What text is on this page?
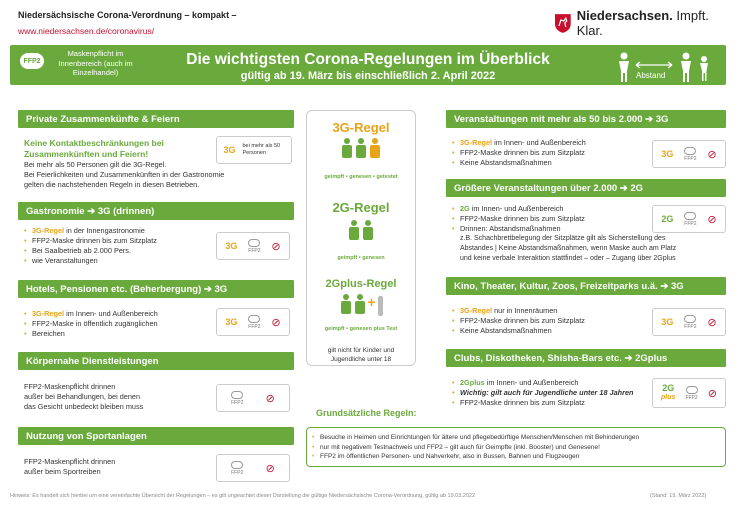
Niedersächsische Corona-Verordnung – kompakt –
www.niedersachsen.de/coronavirus/
Niedersachsen. Impft. Klar.
FFP2
Maskenpflicht im Innenbereich (auch im Einzelhandel)
Die wichtigsten Corona-Regelungen im Überblick
gültig ab 19. März bis einschließlich 2. April 2022	Abstand
Private Zusammenkünfte & Feiern
Keine Kontaktbeschränkungen bei Zusammenkünften und Feiern!	3G bei mehr als 50 Personen
Bei mehr als 50 Personen gilt die 3G-Regel.
Bei Feierlichkeiten und Zusammenkünften in der Gastronomie
gelten die nachstehenden Regeln in diesen Betrieben.
Gastronomie ➔ 3G (drinnen)
• 3G-Regel in der Innengastronomie
• FFP2-Maske drinnen bis zum Sitzplatz
• Bei Saalbetrieb ab 2.000 Pers.
• wie Veranstaltungen
3G FFP2 ⊘
Hotels, Pensionen etc. (Beherbergung) ➔ 3G
• 3G-Regel im Innen- und Außenbereich
• FFP2-Maske in öffentlich zugänglichen
• Bereichen
3G FFP2 ⊘
Körpernahe Dienstleistungen
FFP2-Maskenpflicht drinnen
außer bei Behandlungen, bei denen
das Gesicht unbedeckt bleiben muss	FFP2 ⊘
Nutzung von Sportanlagen
FFP2-Maskenpflicht drinnen
außer beim Sportreiben	FFP2 ⊘
3G-Regel
geimpft • genesen • getestet
2G-Regel
geimpft • genesen
2Gplus-Regel
+
geimpft • genesen plus Test
gilt nicht für Kinder und
Jugendliche unter 18
Veranstaltungen mit mehr als 50 bis 2.000 ➔ 3G
• 3G-Regel im Innen- und Außenbereich
• FFP2-Maske drinnen bis zum Sitzplatz
• Keine Abstandsmaßnahmen
3G FFP2 ⊘
Größere Veranstaltungen über 2.000 ➔ 2G
• 2G im Innen- und Außenbereich
• FFP2-Maske drinnen bis zum Sitzplatz
• Drinnen: Abstandsmaßnahmen
z.B. Schachbrettbelegung der Sitzplätze gilt als Sicherstellung des
Abstandes | Keine Abstandsmaßnahmen, wenn Maske auch am Platz
und keine verbale Interaktion stattfindet – oder – Zugang über 2Gplus
2G FFP2 ⊘
Kino, Theater, Kultur, Zoos, Freizeitparks u.ä. ➔ 3G
• 3G-Regel nur in Innenräumen
• FFP2-Maske drinnen bis zum Sitzplatz
• Keine Abstandsmaßnahmen
3G FFP2 ⊘
Clubs, Diskotheken, Shisha-Bars etc. ➔ 2Gplus
• 2Gplus im Innen- und Außenbereich
• Wichtig: gilt auch für Jugendliche unter 18 Jahren
• FFP2-Maske drinnen bis zum Sitzplatz
2G
plus FFP2 ⊘
Grundsätzliche Regeln:
• Besuche in Heimen und Einrichtungen für ältere und pflegebedürftige Menschen/Menschen mit Behinderungen
• nur mit negativem Testnachweis und FFP2 – gilt auch für Geimpfte (inkl. Booster) und Genesene!
• FFP2 im öffentlichen Personen- und Nahverkehr, also in Bussen, Bahnen und Flugzeugen
Hinweis: Es handelt sich hierbei um eine vereinfachte Übersicht der Regelungen – es gilt ungeachtet dieser Darstellung die gültige Niedersächsische Corona-Verordnung, gültig ab 19.03.2022	(Stand: 19. März 2022)
